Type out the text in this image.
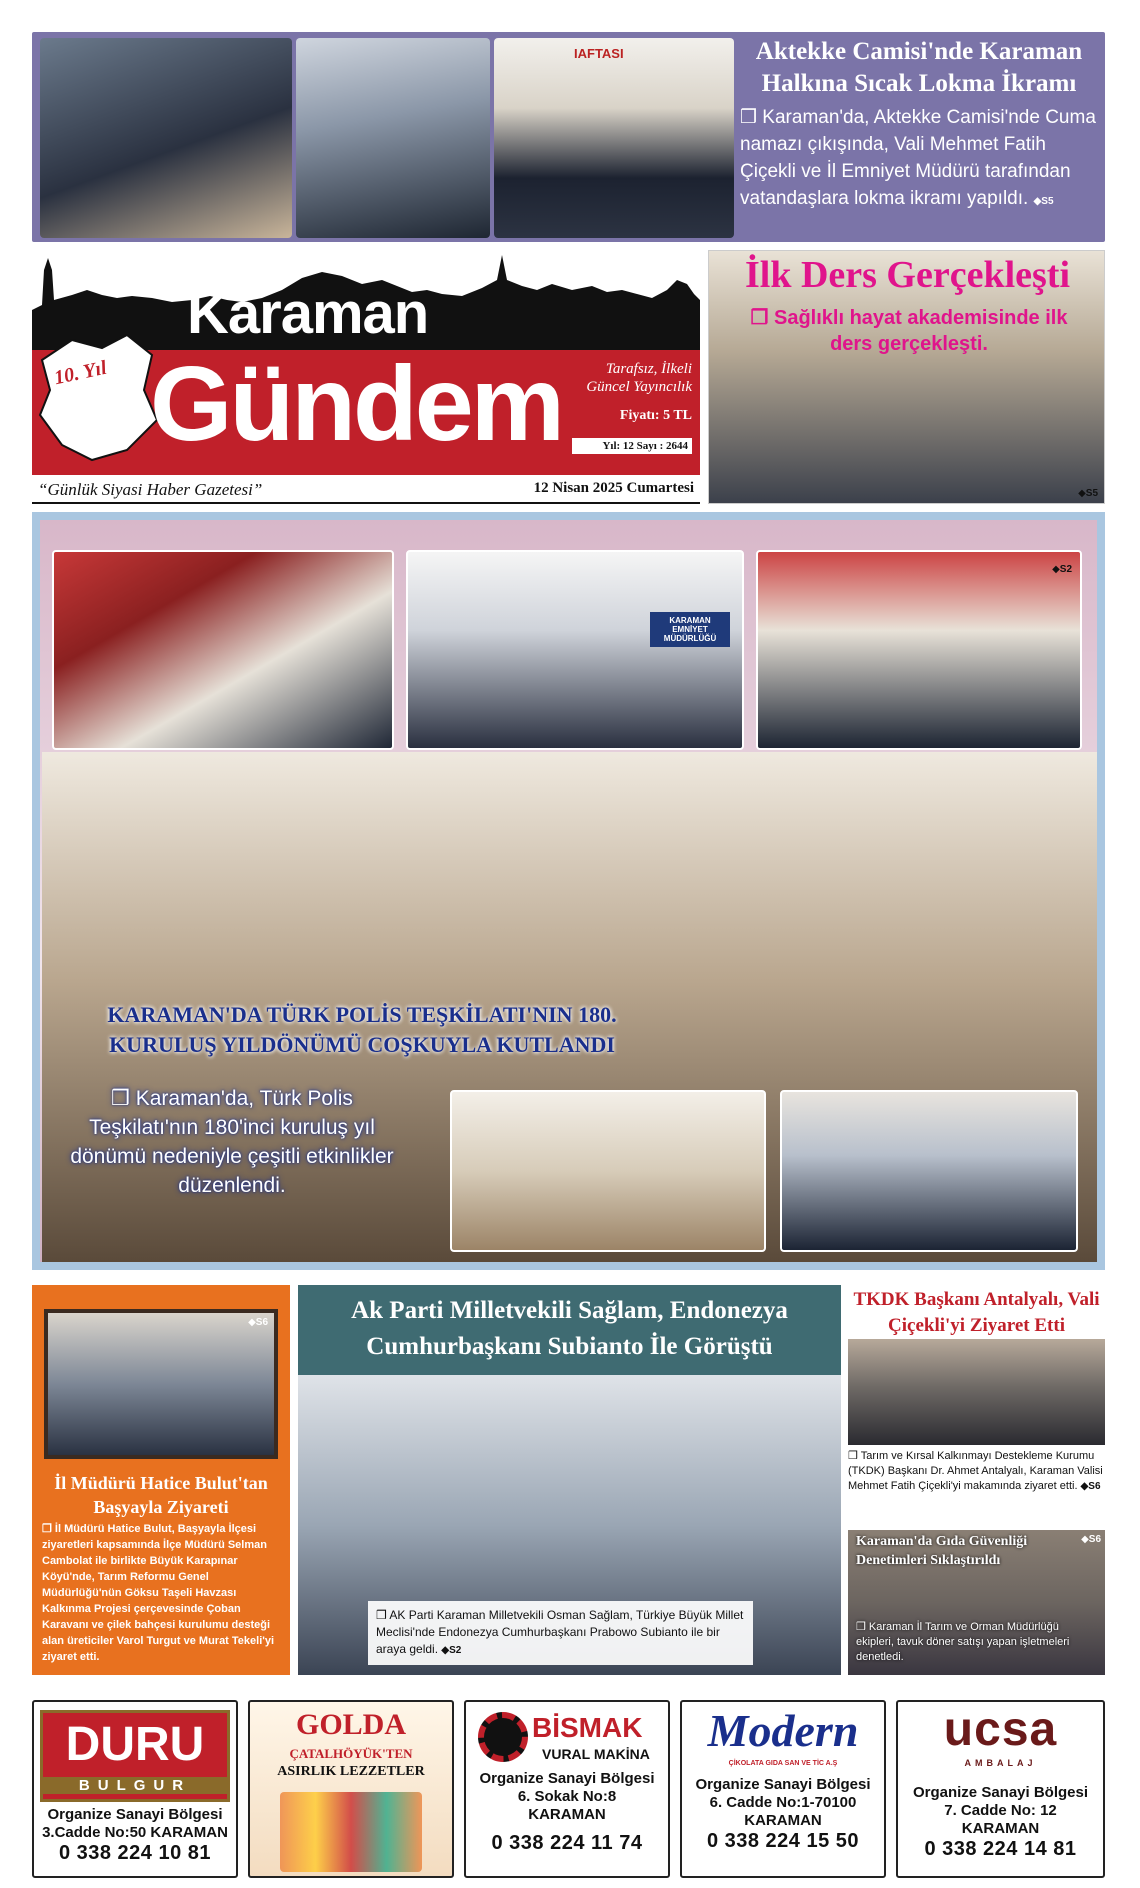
IAFTASI	Aktekke Camisi'nde Karaman Halkına Sıcak Lokma İkramı
❒ Karaman'da, Aktekke Camisi'nde Cuma namazı çıkışında, Vali Mehmet Fatih Çiçekli ve İl Emniyet Müdürü tarafından vatandaşlara lokma ikramı yapıldı. ◆S5
Karaman
10. Yıl Gündem	Tarafsız, İlkeli
Güncel Yayıncılık
Fiyatı: 5 TL
Yıl: 12 Sayı : 2644
“Günlük Siyasi Haber Gazetesi”	12 Nisan 2025 Cumartesi
İlk Ders Gerçekleşti
❒ Sağlıklı hayat akademisinde ilk ders gerçekleşti.
◆S5
KARAMAN EMNİYET MÜDÜRLÜĞÜ
◆S2
KARAMAN'DA TÜRK POLİS TEŞKİLATI'NIN 180.
KURULUŞ YILDÖNÜMÜ COŞKUYLA KUTLANDI
❒ Karaman'da, Türk Polis Teşkilatı'nın 180'inci kuruluş yıl dönümü nedeniyle çeşitli etkinlikler düzenlendi.
◆S6
İl Müdürü Hatice Bulut'tan Başyayla Ziyareti
❒ İl Müdürü Hatice Bulut, Başyayla İlçesi ziyaretleri kapsamında İlçe Müdürü Selman Cambolat ile birlikte Büyük Karapınar Köyü'nde, Tarım Reformu Genel Müdürlüğü'nün Göksu Taşeli Havzası Kalkınma Projesi çerçevesinde Çoban Karavanı ve çilek bahçesi kurulumu desteği alan üreticiler Varol Turgut ve Murat Tekeli'yi ziyaret etti.
Ak Parti Milletvekili Sağlam, Endonezya Cumhurbaşkanı Subianto İle Görüştü
❒ AK Parti Karaman Milletvekili Osman Sağlam, Türkiye Büyük Millet Meclisi'nde Endonezya Cumhurbaşkanı Prabowo Subianto ile bir araya geldi. ◆S2
TKDK Başkanı Antalyalı, Vali Çiçekli'yi Ziyaret Etti
❒ Tarım ve Kırsal Kalkınmayı Destekleme Kurumu (TKDK) Başkanı Dr. Ahmet Antalyalı, Karaman Valisi Mehmet Fatih Çiçekli'yi makamında ziyaret etti. ◆S6
Karaman'da Gıda Güvenliği Denetimleri Sıklaştırıldı
◆S6
❒ Karaman İl Tarım ve Orman Müdürlüğü ekipleri, tavuk döner satışı yapan işletmeleri denetledi.
DURU
BULGUR
Organize Sanayi Bölgesi
3.Cadde No:50 KARAMAN
0 338 224 10 81
GOLDA
ÇATALHÖYÜK'TEN
ASIRLIK LEZZETLER
BİSMAK
VURAL MAKİNA
Organize Sanayi Bölgesi
6. Sokak No:8
KARAMAN
0 338 224 11 74
Modern
ÇİKOLATA GIDA SAN VE TİC A.Ş
Organize Sanayi Bölgesi
6. Cadde No:1-70100
KARAMAN
0 338 224 15 50
ucsa
AMBALAJ
Organize Sanayi Bölgesi
7. Cadde No: 12
KARAMAN
0 338 224 14 81
